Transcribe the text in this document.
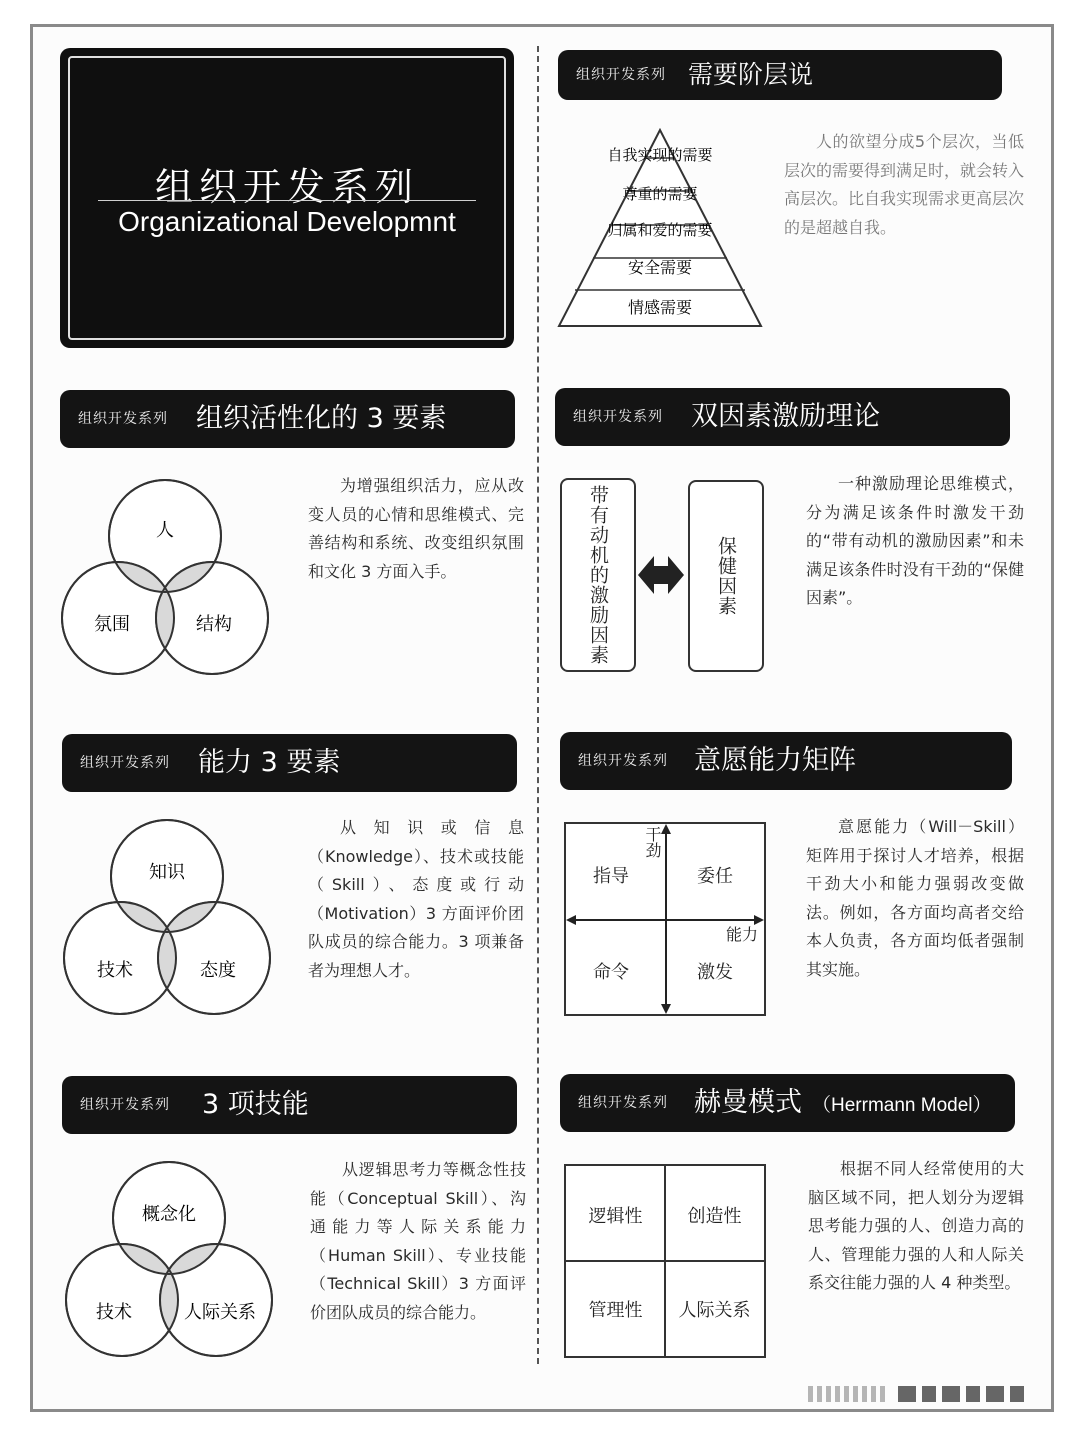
组织开发系列
Organizational Developmnt
组织开发系列 需要阶层说
自我实现的需要
尊重的需要
归属和爱的需要
安全需要
情感需要
人的欲望分成5个层次，当低层次的需要得到满足时，就会转入高层次。比自我实现需求更高层次的是超越自我。
组织开发系列 组织活性化的 3 要素
人
氛围	结构
为增强组织活力，应从改变人员的心情和思维模式、完善结构和系统、改变组织氛围和文化 3 方面入手。
组织开发系列 双因素激励理论
带有动机的激励因素	保健因素
一种激励理论思维模式，分为满足该条件时激发干劲的“带有动机的激励因素”和未满足该条件时没有干劲的“保健因素”。
组织开发系列 能力 3 要素
知识
技术	态度
从知识或信息（Knowledge）、技术或技能（Skill）、态度或行动（Motivation）3 方面评价团队成员的综合能力。3 项兼备者为理想人才。
组织开发系列 意愿能力矩阵
干劲
能力
指导	委任
命令	激发
意愿能力（Will－Skill）矩阵用于探讨人才培养，根据干劲大小和能力强弱改变做法。例如，各方面均高者交给本人负责，各方面均低者强制其实施。
组织开发系列 3 项技能
概念化
技术	人际关系
从逻辑思考力等概念性技能（Conceptual Skill）、沟通能力等人际关系能力（Human Skill）、专业技能（Technical Skill）3 方面评价团队成员的综合能力。
组织开发系列 赫曼模式 （Herrmann Model）
逻辑性	创造性
管理性	人际关系
根据不同人经常使用的大脑区域不同，把人划分为逻辑思考能力强的人、创造力高的人、管理能力强的人和人际关系交往能力强的人 4 种类型。
